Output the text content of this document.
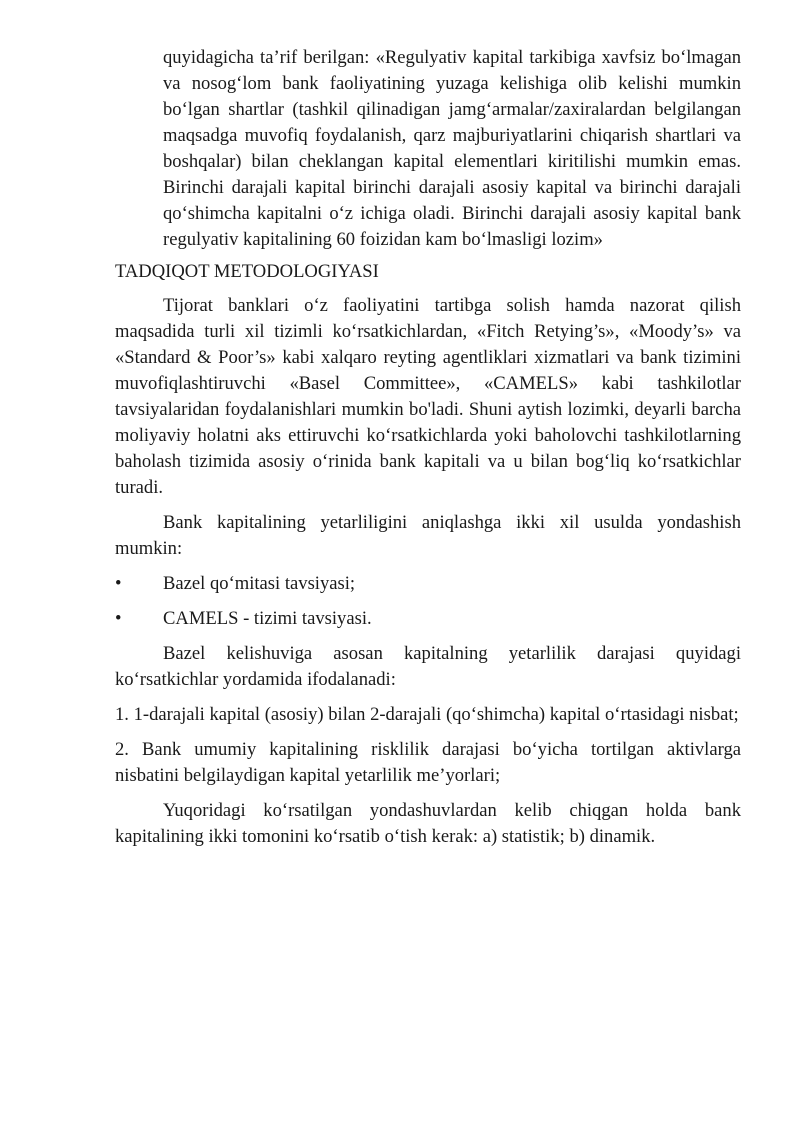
quyidagicha ta’rif berilgan: «Regulyativ kapital tarkibiga xavfsiz bo‘lmagan va nosog‘lom bank faoliyatining yuzaga kelishiga olib kelishi mumkin bo‘lgan shartlar (tashkil qilinadigan jamg‘armalar/zaxiralardan belgilangan maqsadga muvofiq foydalanish, qarz majburiyatlarini chiqarish shartlari va boshqalar) bilan cheklangan kapital elementlari kiritilishi mumkin emas. Birinchi darajali kapital birinchi darajali asosiy kapital va birinchi darajali qo‘shimcha kapitalni o‘z ichiga oladi. Birinchi darajali asosiy kapital bank regulyativ kapitalining 60 foizidan kam bo‘lmasligi lozim»
TADQIQOT METODOLOGIYASI

Tijorat banklari o‘z faoliyatini tartibga solish hamda nazorat qilish maqsadida turli xil tizimli ko‘rsatkichlardan, «Fitch Retying’s», «Moody’s» va «Standard & Poor’s» kabi xalqaro reyting agentliklari xizmatlari va bank tizimini muvofiqlashtiruvchi «Basel Committee», «CAMELS» kabi tashkilotlar tavsiyalaridan foydalanishlari mumkin bo'ladi. Shuni aytish lozimki, deyarli barcha moliyaviy holatni aks ettiruvchi ko‘rsatkichlarda yoki baholovchi tashkilotlarning baholash tizimida asosiy o‘rinida bank kapitali va u bilan bog‘liq ko‘rsatkichlar turadi.

Bank kapitalining yetarliligini aniqlashga ikki xil usulda yondashish mumkin:

•	Bazel qo‘mitasi tavsiyasi;
•	CAMELS - tizimi tavsiyasi.

Bazel kelishuviga asosan kapitalning yetarlilik darajasi quyidagi ko‘rsatkichlar yordamida ifodalanadi:

1. 1-darajali kapital (asosiy) bilan 2-darajali (qo‘shimcha) kapital o‘rtasidagi nisbat;

2. Bank umumiy kapitalining risklilik darajasi bo‘yicha tortilgan aktivlarga nisbatini belgilaydigan kapital yetarlilik me’yorlari;

Yuqoridagi ko‘rsatilgan yondashuvlardan kelib chiqgan holda bank kapitalining ikki tomonini ko‘rsatib o‘tish kerak: a) statistik; b) dinamik.
